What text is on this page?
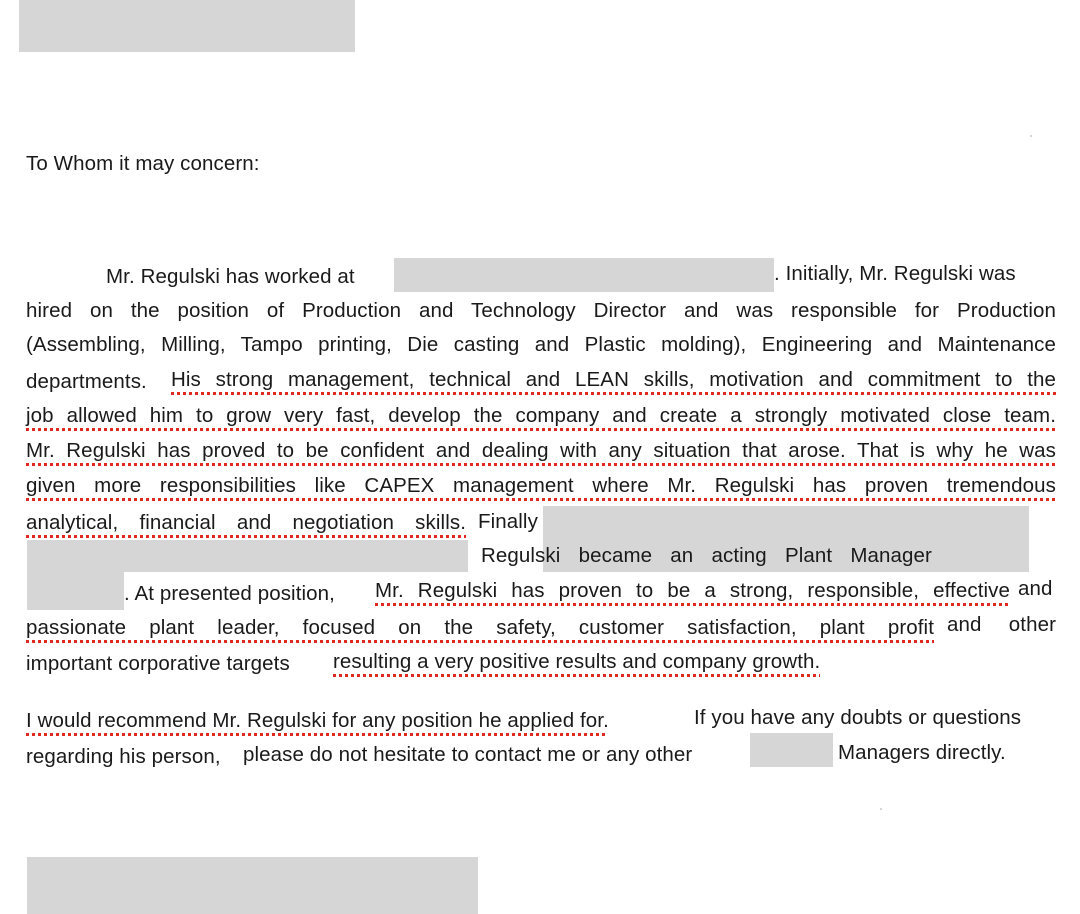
To Whom it may concern:
Mr. Regulski has worked at	. Initially, Mr. Regulski was
hired on the position of Production and Technology Director and was responsible for Production
(Assembling, Milling, Tampo printing, Die casting and Plastic molding), Engineering and Maintenance
departments. His strong management, technical and LEAN skills, motivation and commitment to the
job allowed him to grow very fast, develop the company and create a strongly motivated close team.
Mr. Regulski has proved to be confident and dealing with any situation that arose. That is why he was
given more responsibilities like CAPEX management where Mr. Regulski has proven tremendous
analytical, financial and negotiation skills. Finally
Regulski became an acting Plant Manager
. At presented position, Mr. Regulski has proven to be a strong, responsible, effective and
passionate plant leader, focused on the safety, customer satisfaction, plant profit and other
important corporative targets resulting a very positive results and company growth.
I would recommend Mr. Regulski for any position he applied for.	If you have any doubts or questions
regarding his person, please do not hesitate to contact me or any other	Managers directly.
